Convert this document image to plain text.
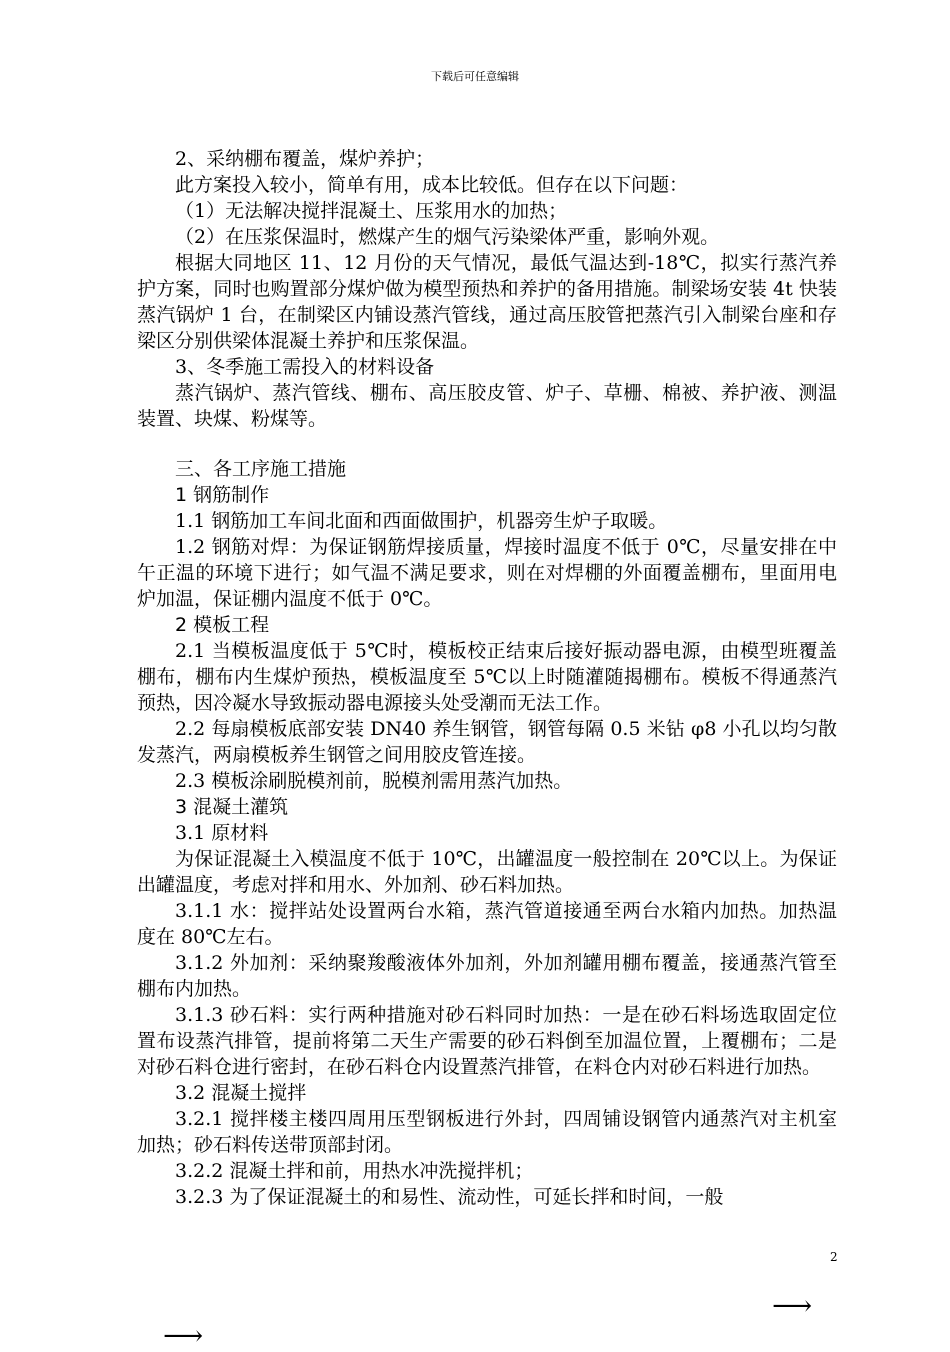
下载后可任意编辑

2、采纳棚布覆盖，煤炉养护；

此方案投入较小，简单有用，成本比较低。但存在以下问题：

（1）无法解决搅拌混凝土、压浆用水的加热；

（2）在压浆保温时，燃煤产生的烟气污染梁体严重，影响外观。

根据大同地区 11、12 月份的天气情况，最低气温达到-18℃，拟实行蒸汽养护方案，同时也购置部分煤炉做为模型预热和养护的备用措施。制梁场安装 4t 快装蒸汽锅炉 1 台，在制梁区内铺设蒸汽管线，通过高压胶管把蒸汽引入制梁台座和存梁区分别供梁体混凝土养护和压浆保温。

3、冬季施工需投入的材料设备

蒸汽锅炉、蒸汽管线、棚布、高压胶皮管、炉子、草栅、棉被、养护液、测温装置、块煤、粉煤等。

三、各工序施工措施

1 钢筋制作

1.1 钢筋加工车间北面和西面做围护，机器旁生炉子取暖。

1.2 钢筋对焊：为保证钢筋焊接质量，焊接时温度不低于 0℃，尽量安排在中午正温的环境下进行；如气温不满足要求，则在对焊棚的外面覆盖棚布，里面用电炉加温，保证棚内温度不低于 0℃。

2 模板工程

2.1 当模板温度低于 5℃时，模板校正结束后接好振动器电源，由模型班覆盖棚布，棚布内生煤炉预热，模板温度至 5℃以上时随灌随揭棚布。模板不得通蒸汽预热，因冷凝水导致振动器电源接头处受潮而无法工作。

2.2 每扇模板底部安装 DN40 养生钢管，钢管每隔 0.5 米钻 φ8 小孔以均匀散发蒸汽，两扇模板养生钢管之间用胶皮管连接。

2.3 模板涂刷脱模剂前，脱模剂需用蒸汽加热。

3 混凝土灌筑

3.1 原材料

为保证混凝土入模温度不低于 10℃，出罐温度一般控制在 20℃以上。为保证出罐温度，考虑对拌和用水、外加剂、砂石料加热。

3.1.1 水：搅拌站处设置两台水箱，蒸汽管道接通至两台水箱内加热。加热温度在 80℃左右。

3.1.2 外加剂：采纳聚羧酸液体外加剂，外加剂罐用棚布覆盖，接通蒸汽管至棚布内加热。

3.1.3 砂石料：实行两种措施对砂石料同时加热：一是在砂石料场选取固定位置布设蒸汽排管，提前将第二天生产需要的砂石料倒至加温位置，上覆棚布；二是对砂石料仓进行密封，在砂石料仓内设置蒸汽排管，在料仓内对砂石料进行加热。

3.2 混凝土搅拌

3.2.1 搅拌楼主楼四周用压型钢板进行外封，四周铺设钢管内通蒸汽对主机室加热；砂石料传送带顶部封闭。

3.2.2 混凝土拌和前，用热水冲洗搅拌机；

3.2.3 为了保证混凝土的和易性、流动性，可延长拌和时间，一般

2
⟶
⟶
